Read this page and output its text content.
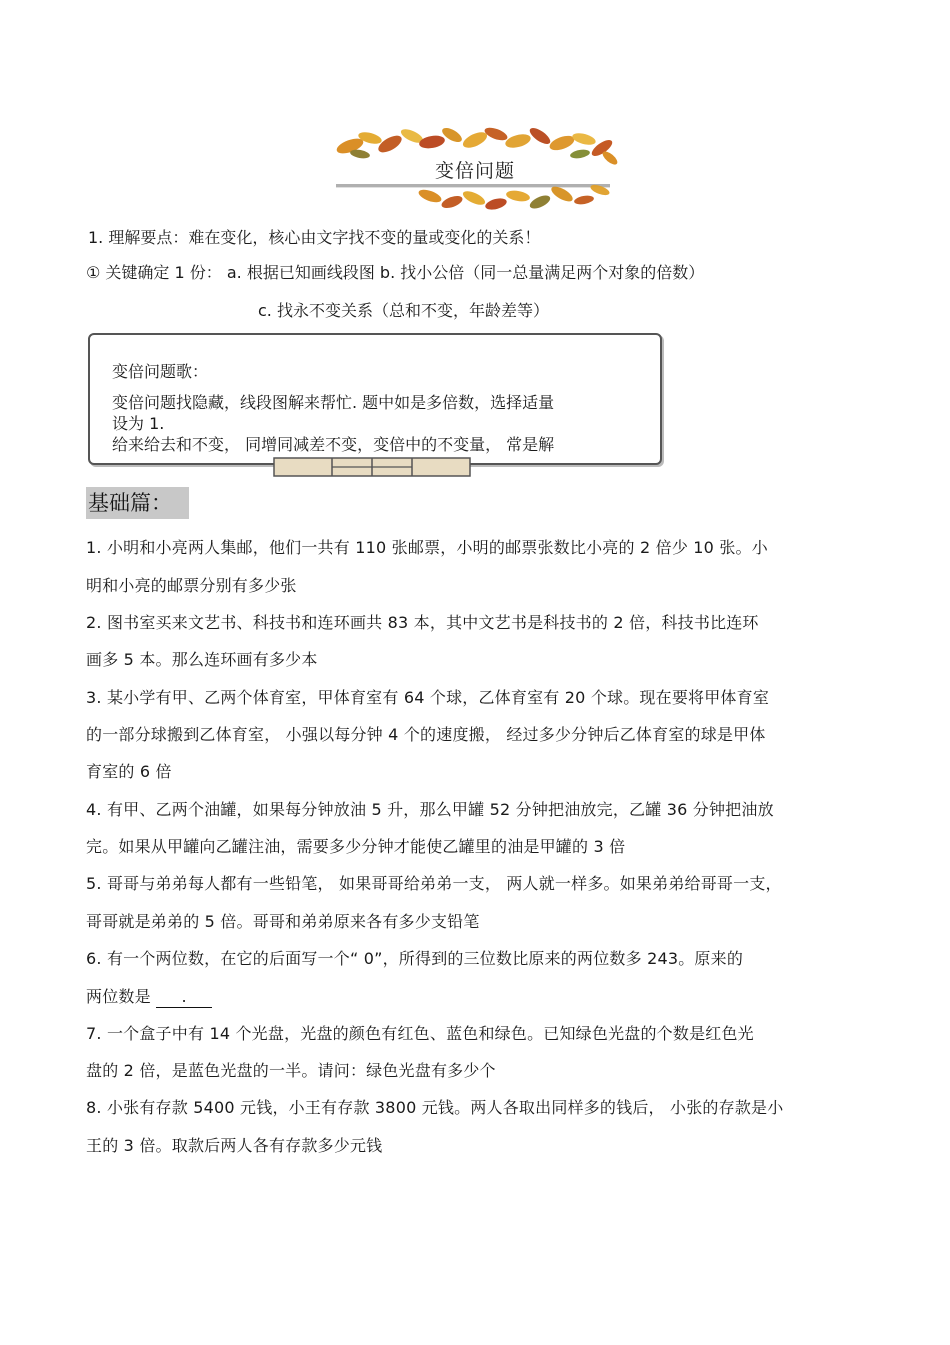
变倍问题
1. 理解要点：难在变化，核心由文字找不变的量或变化的关系！
① 关键确定 1 份： a. 根据已知画线段图 b. 找小公倍（同一总量满足两个对象的倍数）
c. 找永不变关系（总和不变，年龄差等）
变倍问题歌：
变倍问题找隐藏，线段图解来帮忙. 题中如是多倍数，选择适量
设为 1.
给来给去和不变， 同增同减差不变，变倍中的不变量， 常是解
基础篇：
1. 小明和小亮两人集邮，他们一共有 110 张邮票，小明的邮票张数比小亮的 2 倍少 10 张。小
明和小亮的邮票分别有多少张
2. 图书室买来文艺书、科技书和连环画共 83 本，其中文艺书是科技书的 2 倍，科技书比连环
画多 5 本。那么连环画有多少本
3. 某小学有甲、乙两个体育室，甲体育室有 64 个球，乙体育室有 20 个球。现在要将甲体育室
的一部分球搬到乙体育室， 小强以每分钟 4 个的速度搬， 经过多少分钟后乙体育室的球是甲体
育室的 6 倍
4. 有甲、乙两个油罐，如果每分钟放油 5 升，那么甲罐 52 分钟把油放完，乙罐 36 分钟把油放
完。如果从甲罐向乙罐注油，需要多少分钟才能使乙罐里的油是甲罐的 3 倍
5. 哥哥与弟弟每人都有一些铅笔， 如果哥哥给弟弟一支， 两人就一样多。如果弟弟给哥哥一支，
哥哥就是弟弟的 5 倍。哥哥和弟弟原来各有多少支铅笔
6. 有一个两位数，在它的后面写一个“ 0”，所得到的三位数比原来的两位数多 243。原来的
两位数是 .
7. 一个盒子中有 14 个光盘，光盘的颜色有红色、蓝色和绿色。已知绿色光盘的个数是红色光
盘的 2 倍，是蓝色光盘的一半。请问：绿色光盘有多少个
8. 小张有存款 5400 元钱，小王有存款 3800 元钱。两人各取出同样多的钱后， 小张的存款是小
王的 3 倍。取款后两人各有存款多少元钱
